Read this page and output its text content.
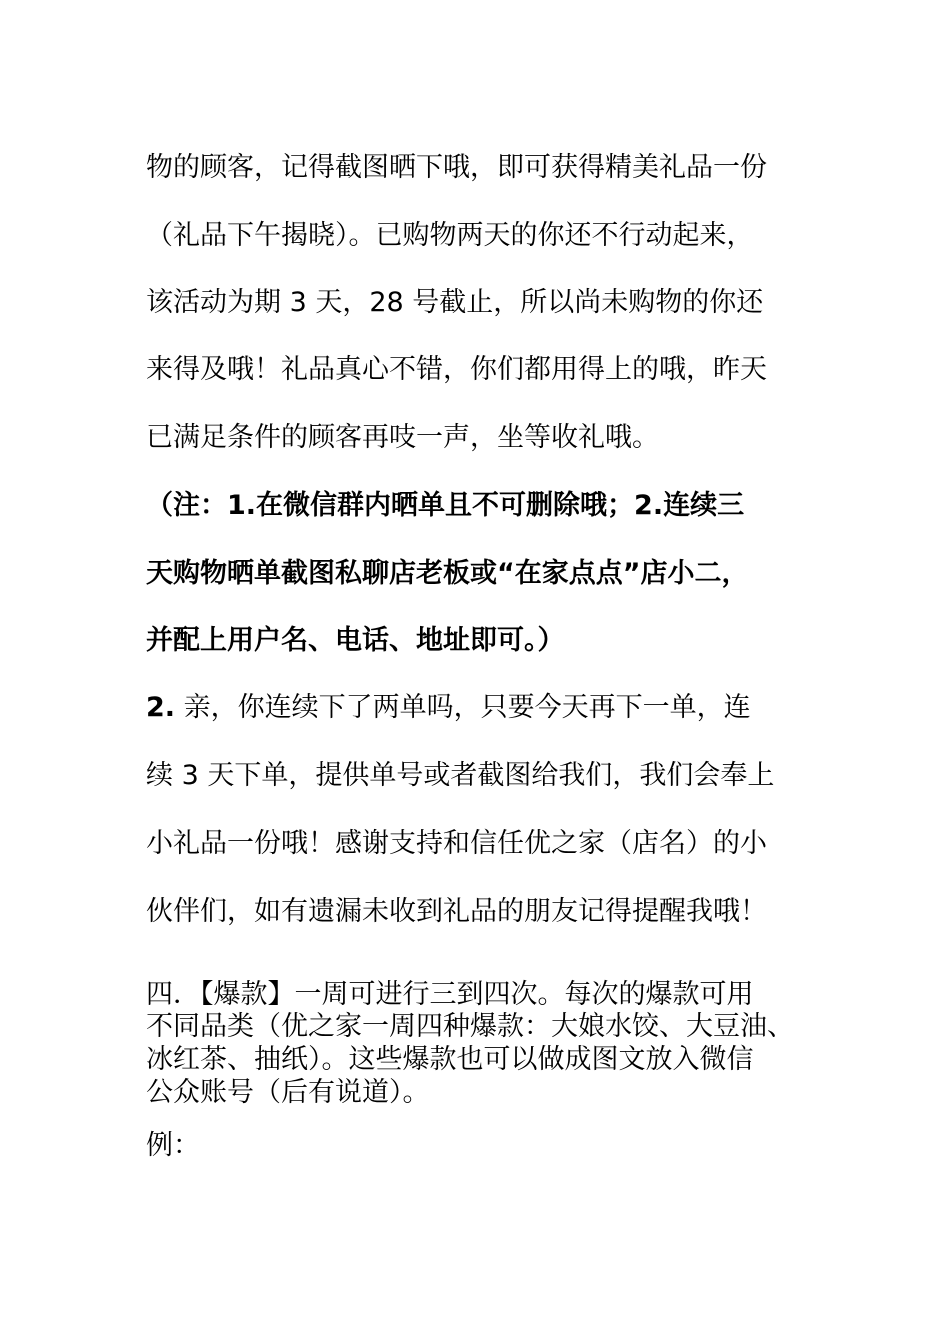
物的顾客，记得截图晒下哦，即可获得精美礼品一份
（礼品下午揭晓）。已购物两天的你还不行动起来，
该活动为期 3 天，28 号截止，所以尚未购物的你还
来得及哦！礼品真心不错，你们都用得上的哦，昨天
已满足条件的顾客再吱一声，坐等收礼哦。
（注：1.在微信群内晒单且不可删除哦；2.连续三
天购物晒单截图私聊店老板或“在家点点”店小二，
并配上用户名、电话、地址即可。）
2. 亲，你连续下了两单吗，只要今天再下一单，连
续 3 天下单，提供单号或者截图给我们，我们会奉上
小礼品一份哦！感谢支持和信任优之家（店名）的小
伙伴们，如有遗漏未收到礼品的朋友记得提醒我哦！
四．【爆款】一周可进行三到四次。每次的爆款可用
不同品类（优之家一周四种爆款：大娘水饺、大豆油、
冰红茶、抽纸）。这些爆款也可以做成图文放入微信
公众账号（后有说道）。
例：
